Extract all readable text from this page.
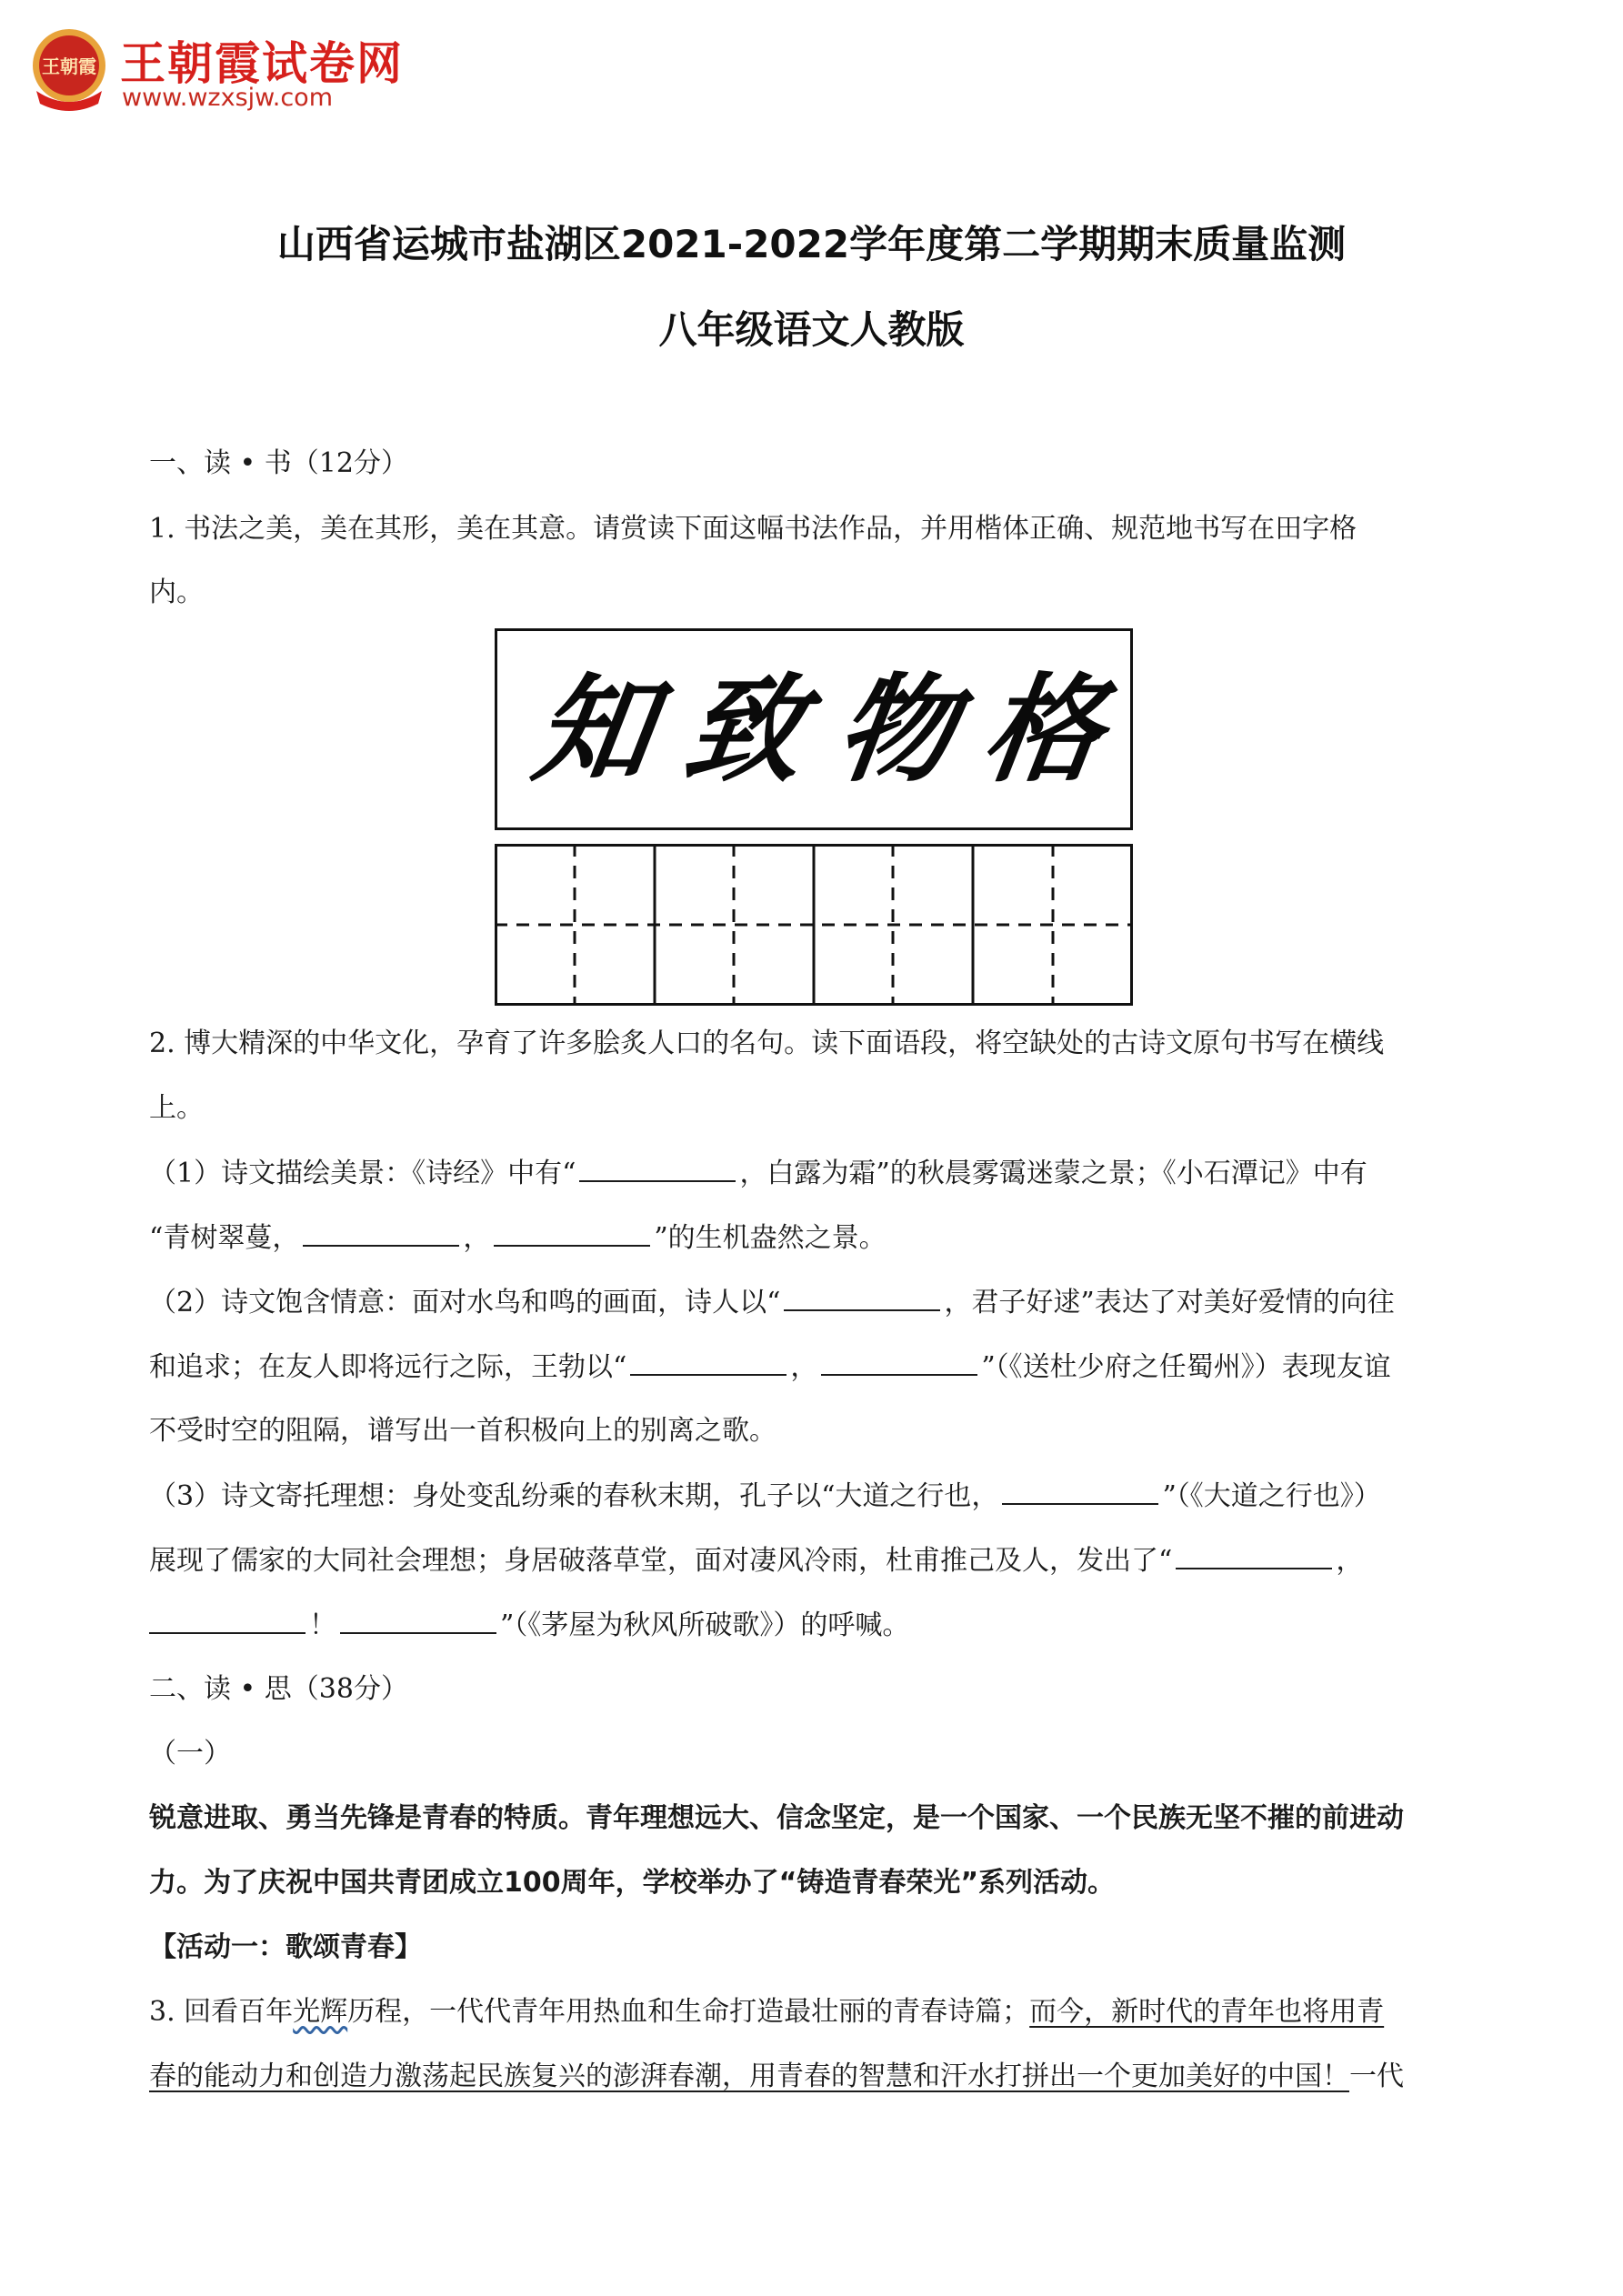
王朝霞 王朝霞试卷网
www.wzxsjw.com
山西省运城市盐湖区2021-2022学年度第二学期期末质量监测
八年级语文人教版
一、读 • 书（12分）
1. 书法之美，美在其形，美在其意。请赏读下面这幅书法作品，并用楷体正确、规范地书写在田字格
内。
知 致 物 格
2. 博大精深的中华文化，孕育了许多脍炙人口的名句。读下面语段，将空缺处的古诗文原句书写在横线
上。
（1）诗文描绘美景：《诗经》中有“	，白露为霜”的秋晨雾霭迷蒙之景；《小石潭记》中有
“青树翠蔓，	，	”的生机盎然之景。
（2）诗文饱含情意：面对水鸟和鸣的画面，诗人以“	，君子好逑”表达了对美好爱情的向往
和追求；在友人即将远行之际，王勃以“	，	”（《送杜少府之任蜀州》）表现友谊
不受时空的阻隔，谱写出一首积极向上的别离之歌。
（3）诗文寄托理想：身处变乱纷乘的春秋末期，孔子以“大道之行也，	”（《大道之行也》）
展现了儒家的大同社会理想；身居破落草堂，面对凄风冷雨，杜甫推己及人，发出了“	，
！	”（《茅屋为秋风所破歌》）的呼喊。
二、读 • 思（38分）
（一）
锐意进取、勇当先锋是青春的特质。青年理想远大、信念坚定，是一个国家、一个民族无坚不摧的前进动
力。为了庆祝中国共青团成立100周年，学校举办了“铸造青春荣光”系列活动。
【活动一：歌颂青春】
3. 回看百年光辉历程，一代代青年用热血和生命打造最壮丽的青春诗篇；而今，新时代的青年也将用青
春的能动力和创造力激荡起民族复兴的澎湃春潮，用青春的智慧和汗水打拼出一个更加美好的中国！一代
